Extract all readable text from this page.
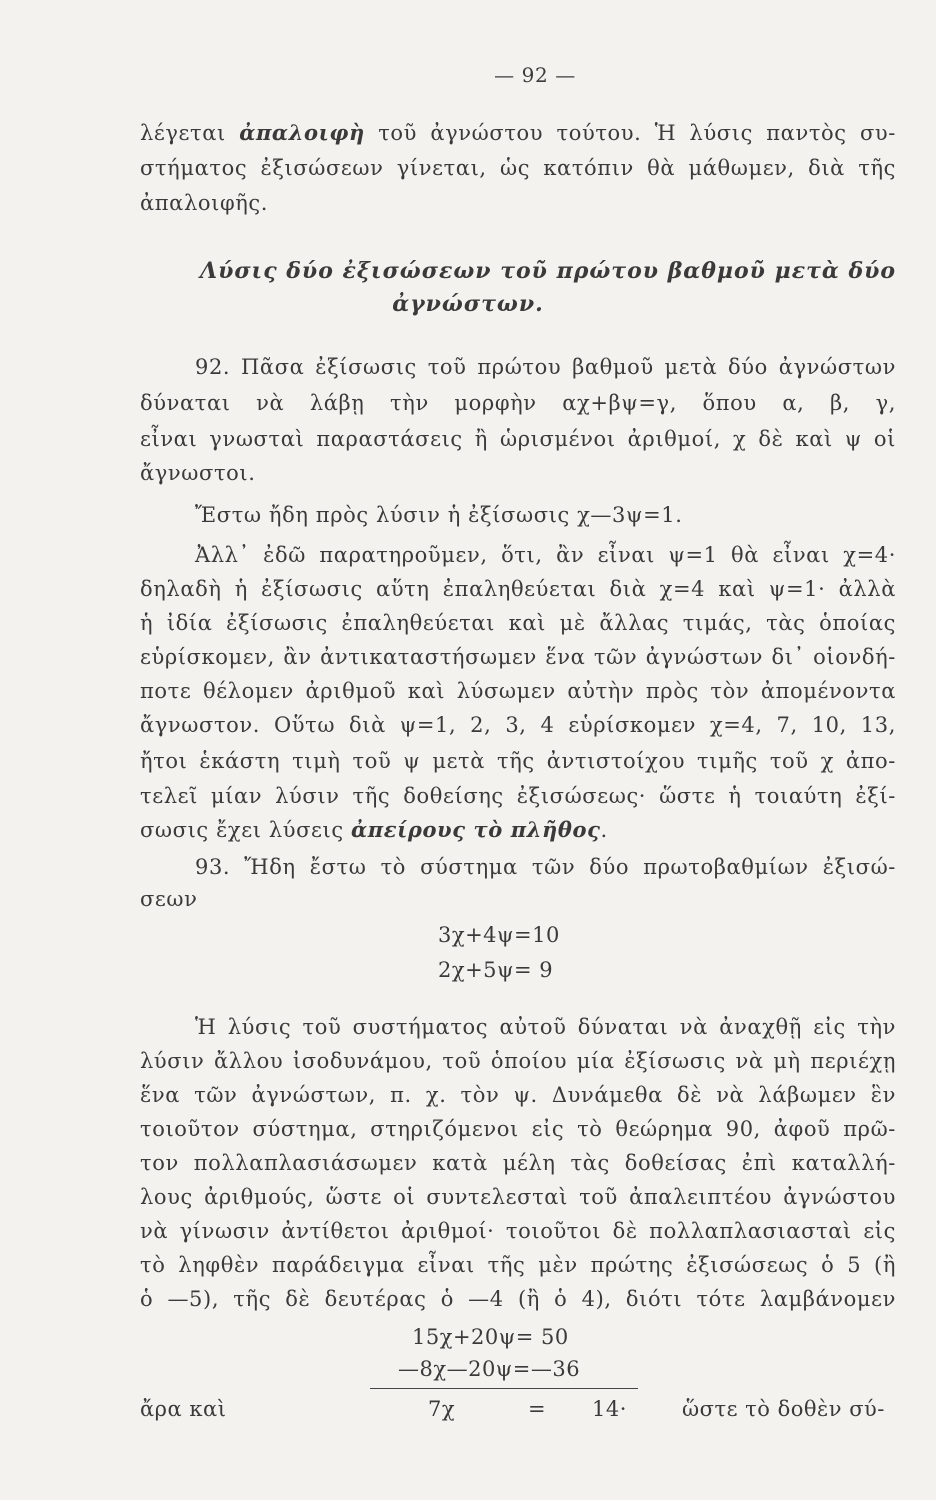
— 92 —
λέγεται ἀπαλοιφὴ τοῦ ἀγνώστου τούτου. Ἡ λύσις παντὸς συ-
στήματος ἐξισώσεων γίνεται, ὡς κατόπιν θὰ μάθωμεν, διὰ τῆς
ἀπαλοιφῆς.
Λύσις δύο ἐξισώσεων τοῦ πρώτου βαθμοῦ μετὰ δύο
ἀγνώστων.
92. Πᾶσα ἐξίσωσις τοῦ πρώτου βαθμοῦ μετὰ δύο ἀγνώστων
δύναται νὰ λάβῃ τὴν μορφὴν αχ+βψ=γ, ὅπου α, β, γ,
εἶναι γνωσταὶ παραστάσεις ἢ ὡρισμένοι ἀριθμοί, χ δὲ καὶ ψ οἱ
ἄγνωστοι.
Ἔστω ἤδη πρὸς λύσιν ἡ ἐξίσωσις χ—3ψ=1.
Ἀλλ᾽ ἐδῶ παρατηροῦμεν, ὅτι, ἂν εἶναι ψ=1 θὰ εἶναι χ=4·
δηλαδὴ ἡ ἐξίσωσις αὕτη ἐπαληθεύεται διὰ χ=4 καὶ ψ=1· ἀλλὰ
ἡ ἰδία ἐξίσωσις ἐπαληθεύεται καὶ μὲ ἄλλας τιμάς, τὰς ὁποίας
εὑρίσκομεν, ἂν ἀντικαταστήσωμεν ἕνα τῶν ἀγνώστων δι᾽ οἱονδή-
ποτε θέλομεν ἀριθμοῦ καὶ λύσωμεν αὐτὴν πρὸς τὸν ἀπομένοντα
ἄγνωστον. Οὕτω διὰ ψ=1, 2, 3, 4 εὑρίσκομεν χ=4, 7, 10, 13,
ἤτοι ἑκάστη τιμὴ τοῦ ψ μετὰ τῆς ἀντιστοίχου τιμῆς τοῦ χ ἀπο-
τελεῖ μίαν λύσιν τῆς δοθείσης ἐξισώσεως· ὥστε ἡ τοιαύτη ἐξί-
σωσις ἔχει λύσεις ἀπείρους τὸ πλῆθος.
93. Ἤδη ἔστω τὸ σύστημα τῶν δύο πρωτοβαθμίων ἐξισώ-
σεων
3χ+4ψ=10
2χ+5ψ= 9
Ἡ λύσις τοῦ συστήματος αὐτοῦ δύναται νὰ ἀναχθῇ εἰς τὴν
λύσιν ἄλλου ἰσοδυνάμου, τοῦ ὁποίου μία ἐξίσωσις νὰ μὴ περιέχῃ
ἕνα τῶν ἀγνώστων, π. χ. τὸν ψ. Δυνάμεθα δὲ νὰ λάβωμεν ἓν
τοιοῦτον σύστημα, στηριζόμενοι εἰς τὸ θεώρημα 90, ἀφοῦ πρῶ-
τον πολλαπλασιάσωμεν κατὰ μέλη τὰς δοθείσας ἐπὶ καταλλή-
λους ἀριθμούς, ὥστε οἱ συντελεσταὶ τοῦ ἀπαλειπτέου ἀγνώστου
νὰ γίνωσιν ἀντίθετοι ἀριθμοί· τοιοῦτοι δὲ πολλαπλασιασταὶ εἰς
τὸ ληφθὲν παράδειγμα εἶναι τῆς μὲν πρώτης ἐξισώσεως ὁ 5 (ἢ
ὁ —5), τῆς δὲ δευτέρας ὁ —4 (ἢ ὁ 4), διότι τότε λαμβάνομεν
15χ+20ψ= 50
—8χ—20ψ=—36
ἄρα καὶ	7χ	= 14·	ὥστε τὸ δοθὲν σύ-
